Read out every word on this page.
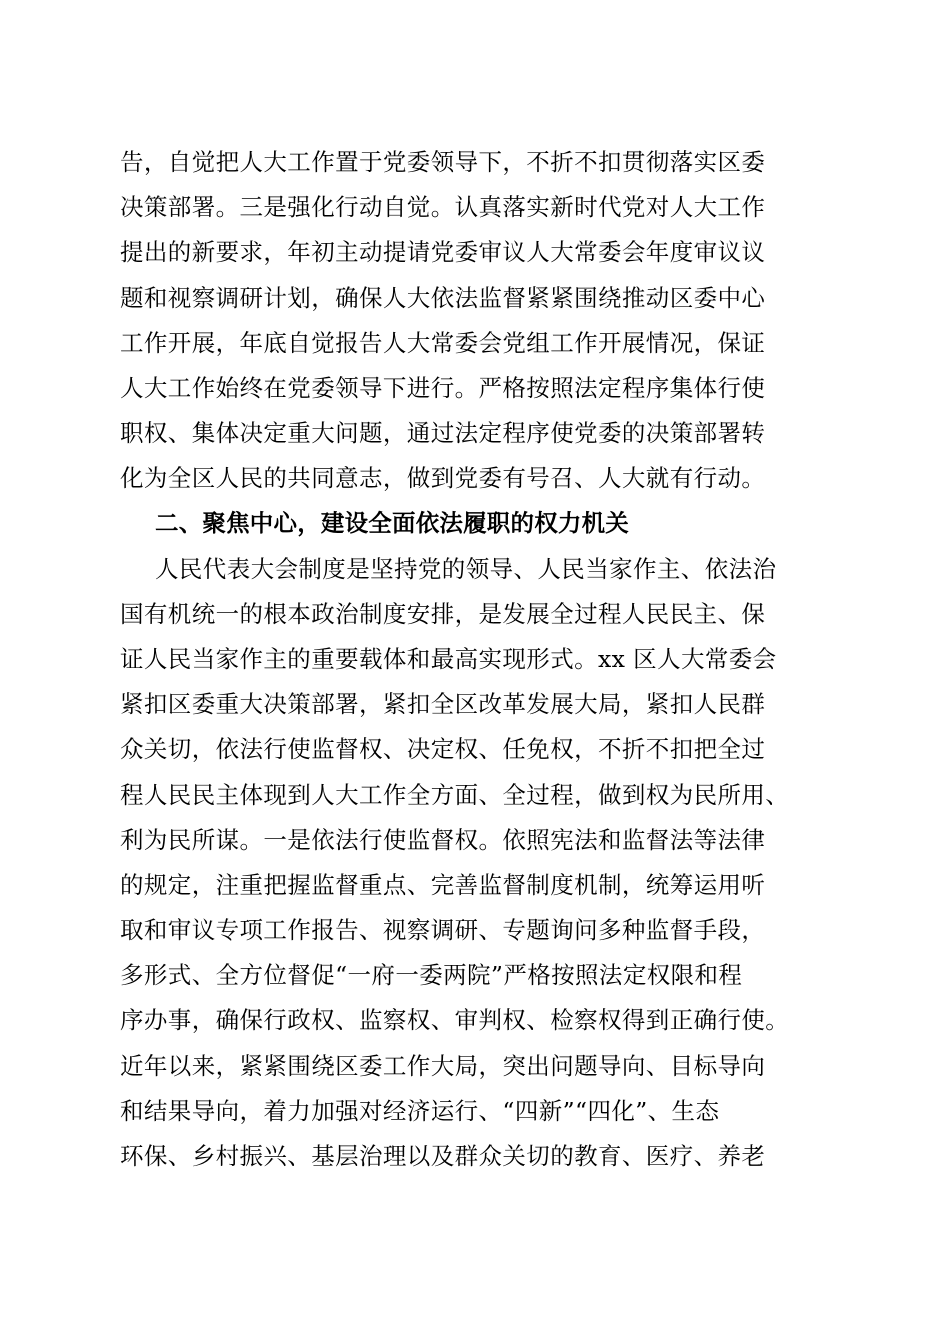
告，自觉把人大工作置于党委领导下，不折不扣贯彻落实区委

决策部署。三是强化行动自觉。认真落实新时代党对人大工作

提出的新要求，年初主动提请党委审议人大常委会年度审议议

题和视察调研计划，确保人大依法监督紧紧围绕推动区委中心

工作开展，年底自觉报告人大常委会党组工作开展情况，保证

人大工作始终在党委领导下进行。严格按照法定程序集体行使

职权、集体决定重大问题，通过法定程序使党委的决策部署转

化为全区人民的共同意志，做到党委有号召、人大就有行动。

二、聚焦中心，建设全面依法履职的权力机关

人民代表大会制度是坚持党的领导、人民当家作主、依法治

国有机统一的根本政治制度安排，是发展全过程人民民主、保

证人民当家作主的重要载体和最高实现形式。xx 区人大常委会

紧扣区委重大决策部署，紧扣全区改革发展大局，紧扣人民群

众关切，依法行使监督权、决定权、任免权，不折不扣把全过

程人民民主体现到人大工作全方面、全过程，做到权为民所用、

利为民所谋。一是依法行使监督权。依照宪法和监督法等法律

的规定，注重把握监督重点、完善监督制度机制，统筹运用听

取和审议专项工作报告、视察调研、专题询问多种监督手段，

多形式、全方位督促“一府一委两院”严格按照法定权限和程

序办事，确保行政权、监察权、审判权、检察权得到正确行使。

近年以来，紧紧围绕区委工作大局，突出问题导向、目标导向

和结果导向，着力加强对经济运行、“四新”“四化”、生态

环保、乡村振兴、基层治理以及群众关切的教育、医疗、养老
